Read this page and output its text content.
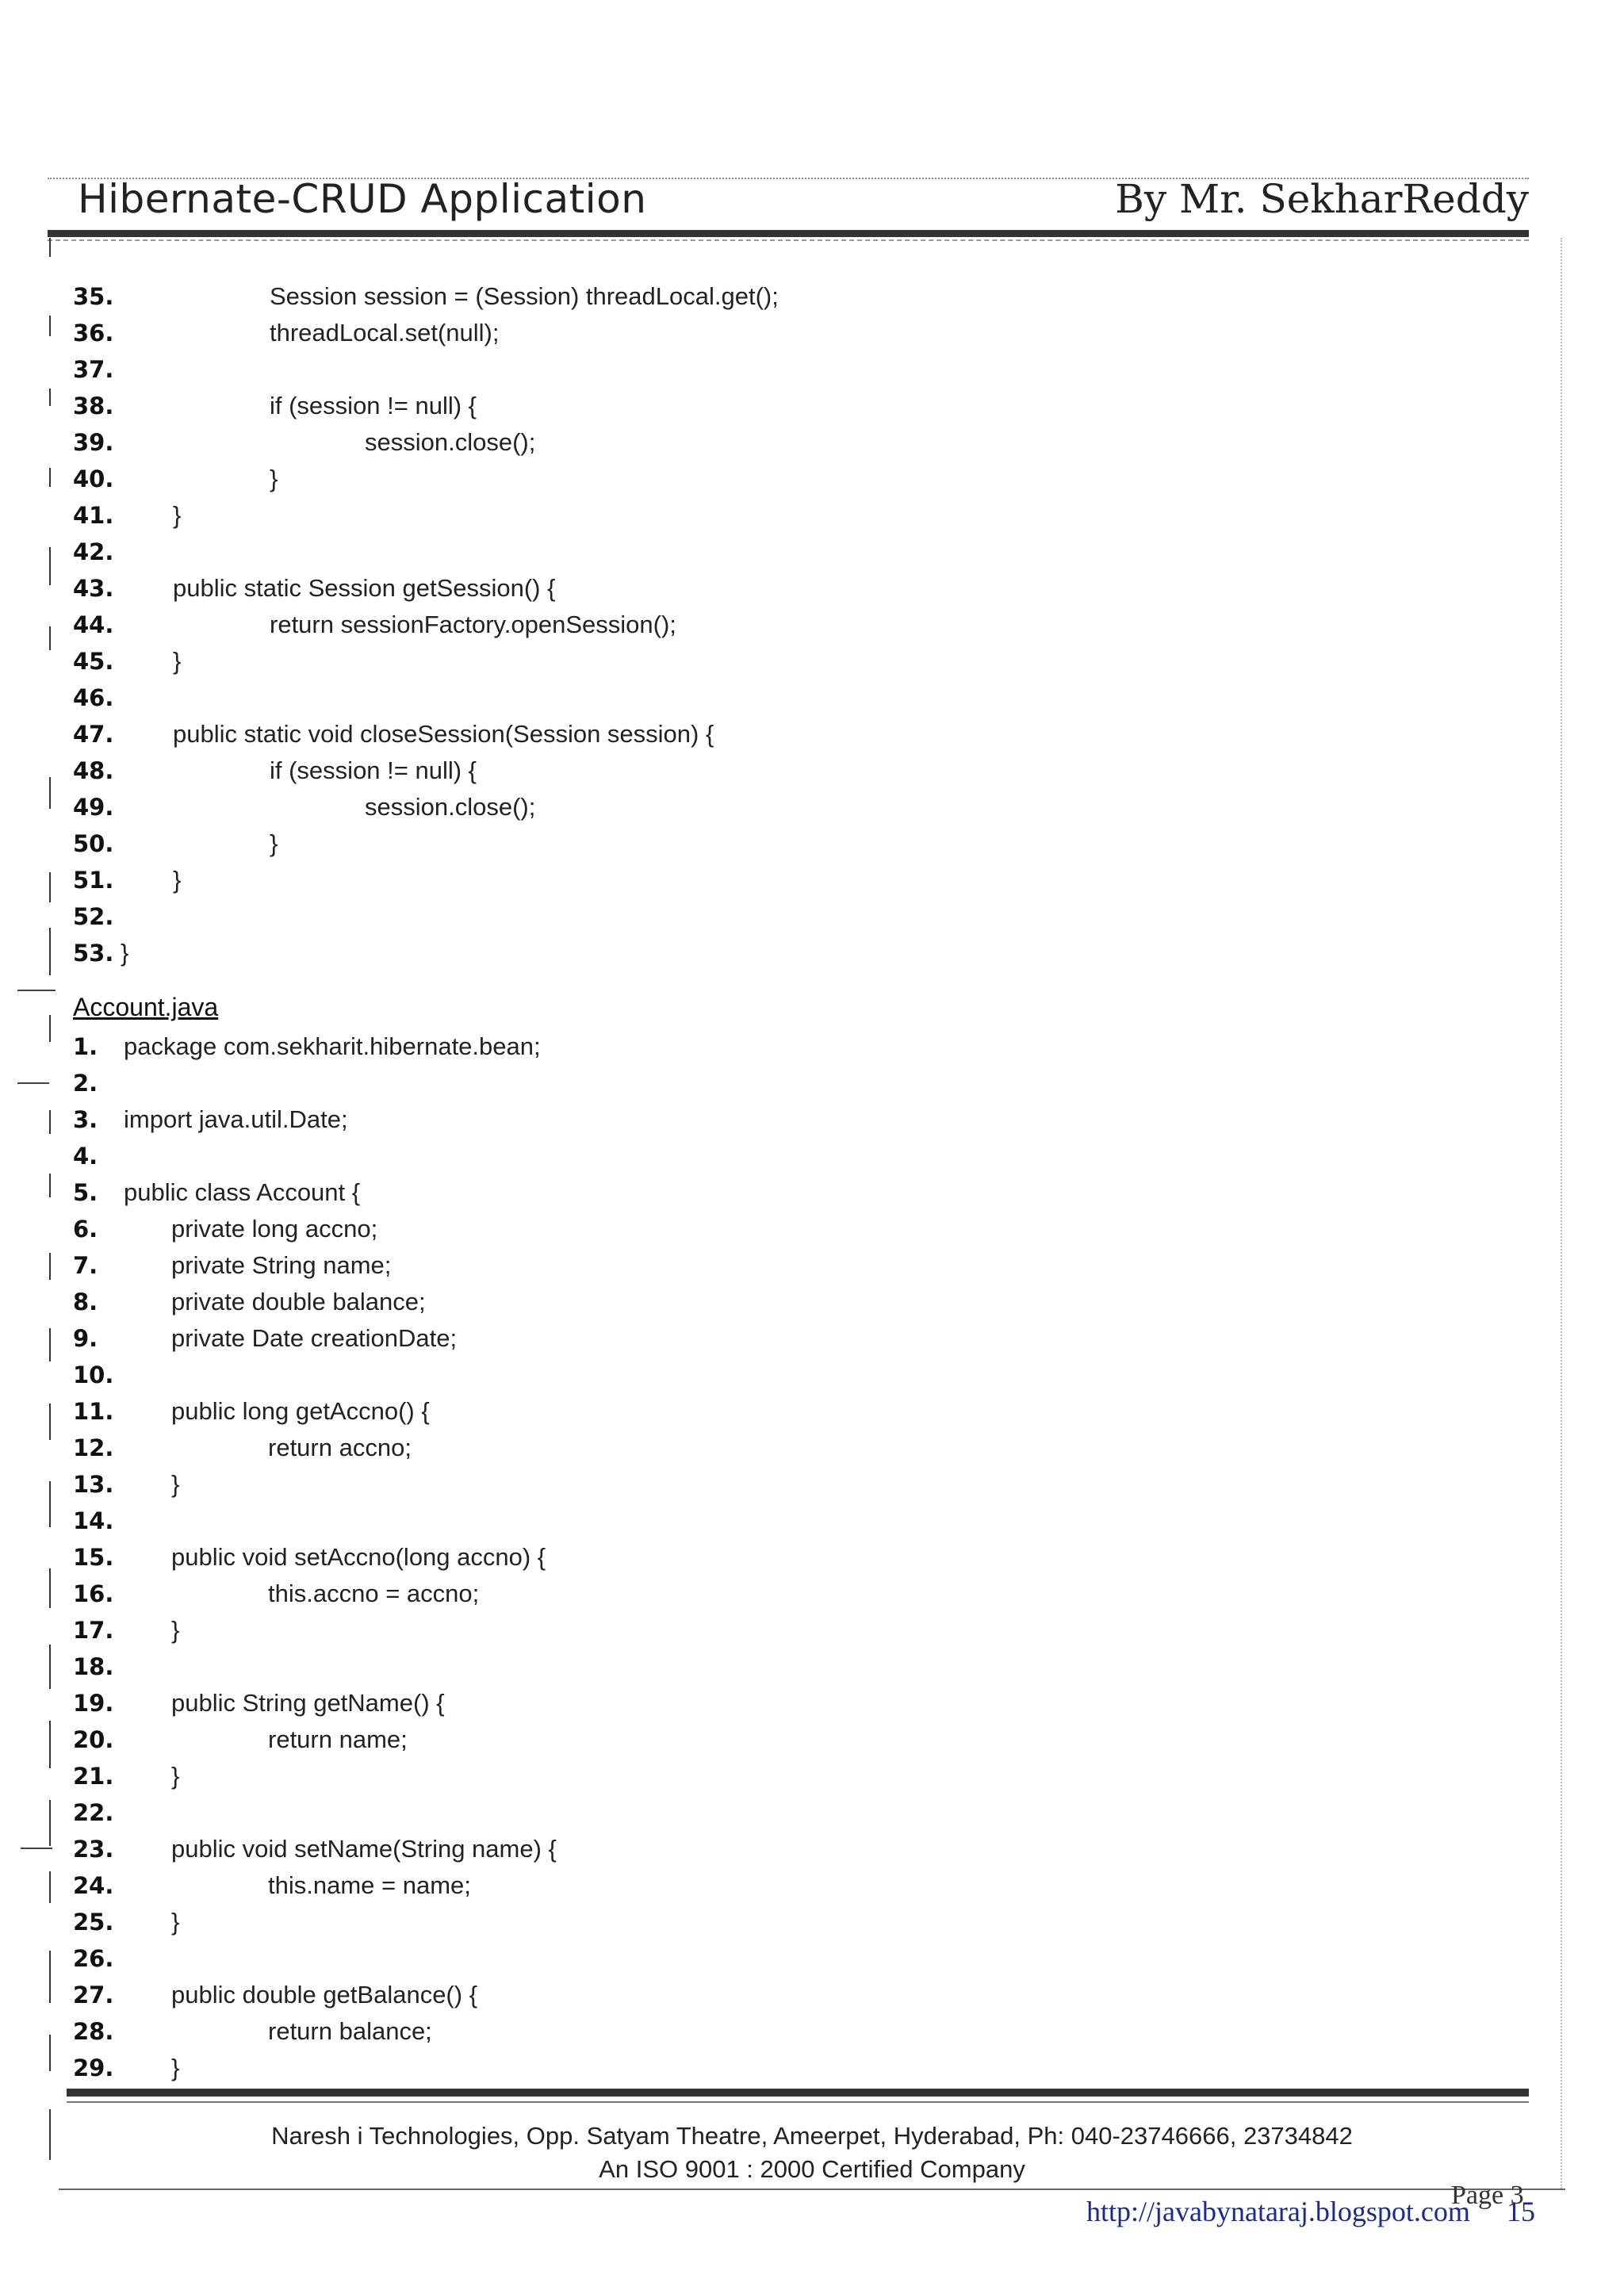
Hibernate-CRUD Application	By Mr. SekharReddy
35.	Session session = (Session) threadLocal.get();
36.	threadLocal.set(null);
37.
38.	if (session != null) {
39.	session.close();
40.	}
41. }
42.
43. public static Session getSession() {
44.	return sessionFactory.openSession();
45. }
46.
47. public static void closeSession(Session session) {
48.	if (session != null) {
49.	session.close();
50.	}
51. }
52.
53. }
Account.java
1. package com.sekharit.hibernate.bean;
2.
3. import java.util.Date;
4.
5. public class Account {
6.	private long accno;
7.	private String name;
8.	private double balance;
9.	private Date creationDate;
10.
11. public long getAccno() {
12.	return accno;
13. }
14.
15. public void setAccno(long accno) {
16.	this.accno = accno;
17. }
18.
19. public String getName() {
20.	return name;
21. }
22.
23. public void setName(String name) {
24.	this.name = name;
25. }
26.
27. public double getBalance() {
28.	return balance;
29. }
Naresh i Technologies, Opp. Satyam Theatre, Ameerpet, Hyderabad, Ph: 040-23746666, 23734842
An ISO 9001 : 2000 Certified Company
http://javabynataraj.blogspot.com
Page 3
15
